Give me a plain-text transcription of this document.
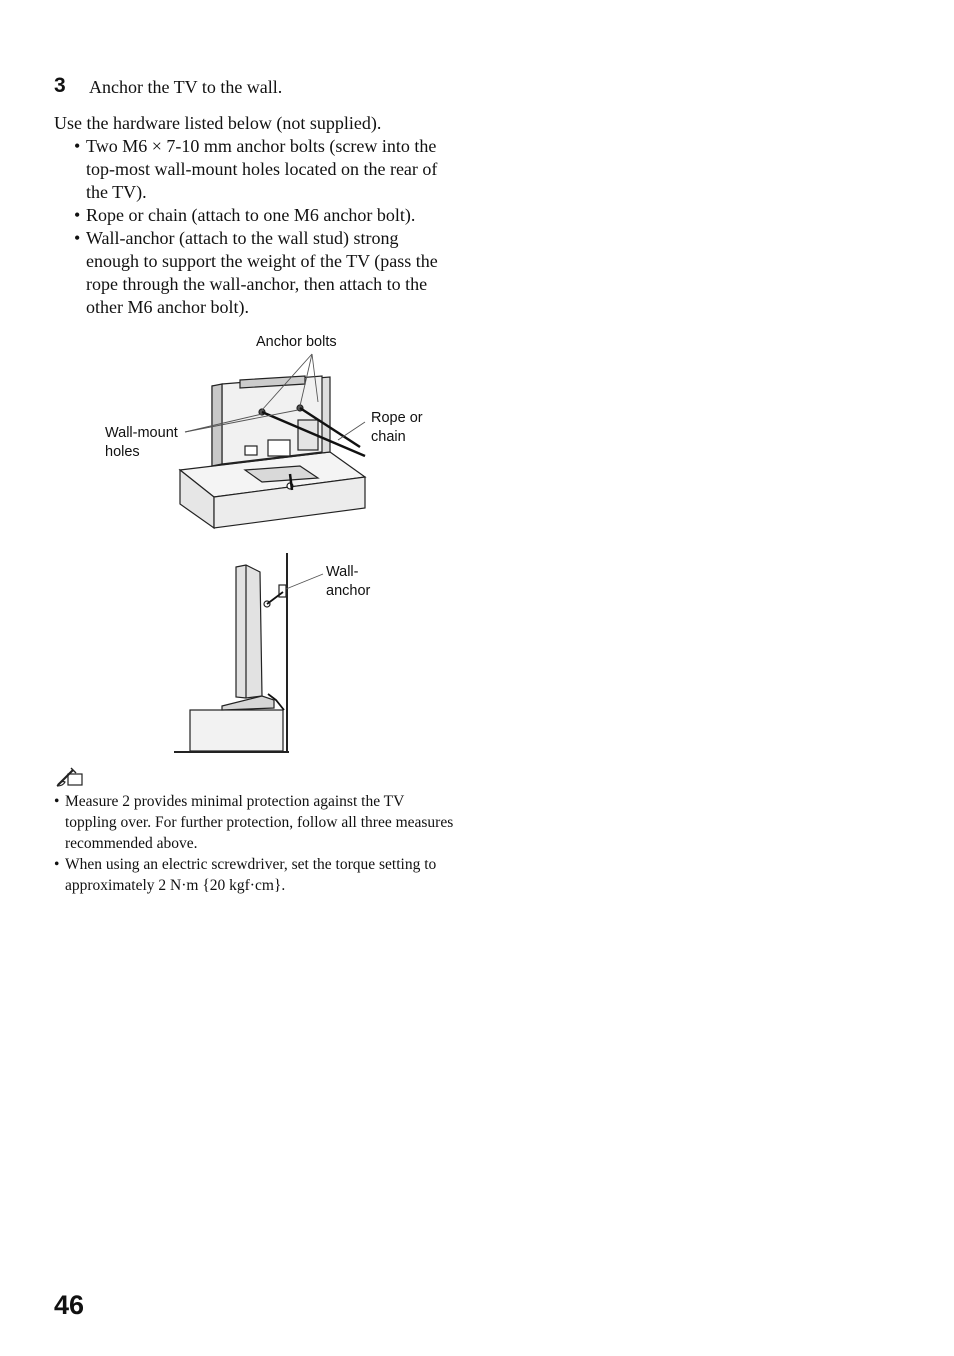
3 Anchor the TV to the wall.

Use the hardware listed below (not supplied).

• Two M6 × 7-10 mm anchor bolts (screw into the top-most wall-mount holes located on the rear of the TV).
• Rope or chain (attach to one M6 anchor bolt).
• Wall-anchor (attach to the wall stud) strong enough to support the weight of the TV (pass the rope through the wall-anchor, then attach to the other M6 anchor bolt).
Anchor bolts
Wall-mount
holes
Rope or
chain
Wall-
anchor
• Measure 2 provides minimal protection against the TV toppling over. For further protection, follow all three measures recommended above.
• When using an electric screwdriver, set the torque setting to approximately 2 N·m {20 kgf·cm}.
46
